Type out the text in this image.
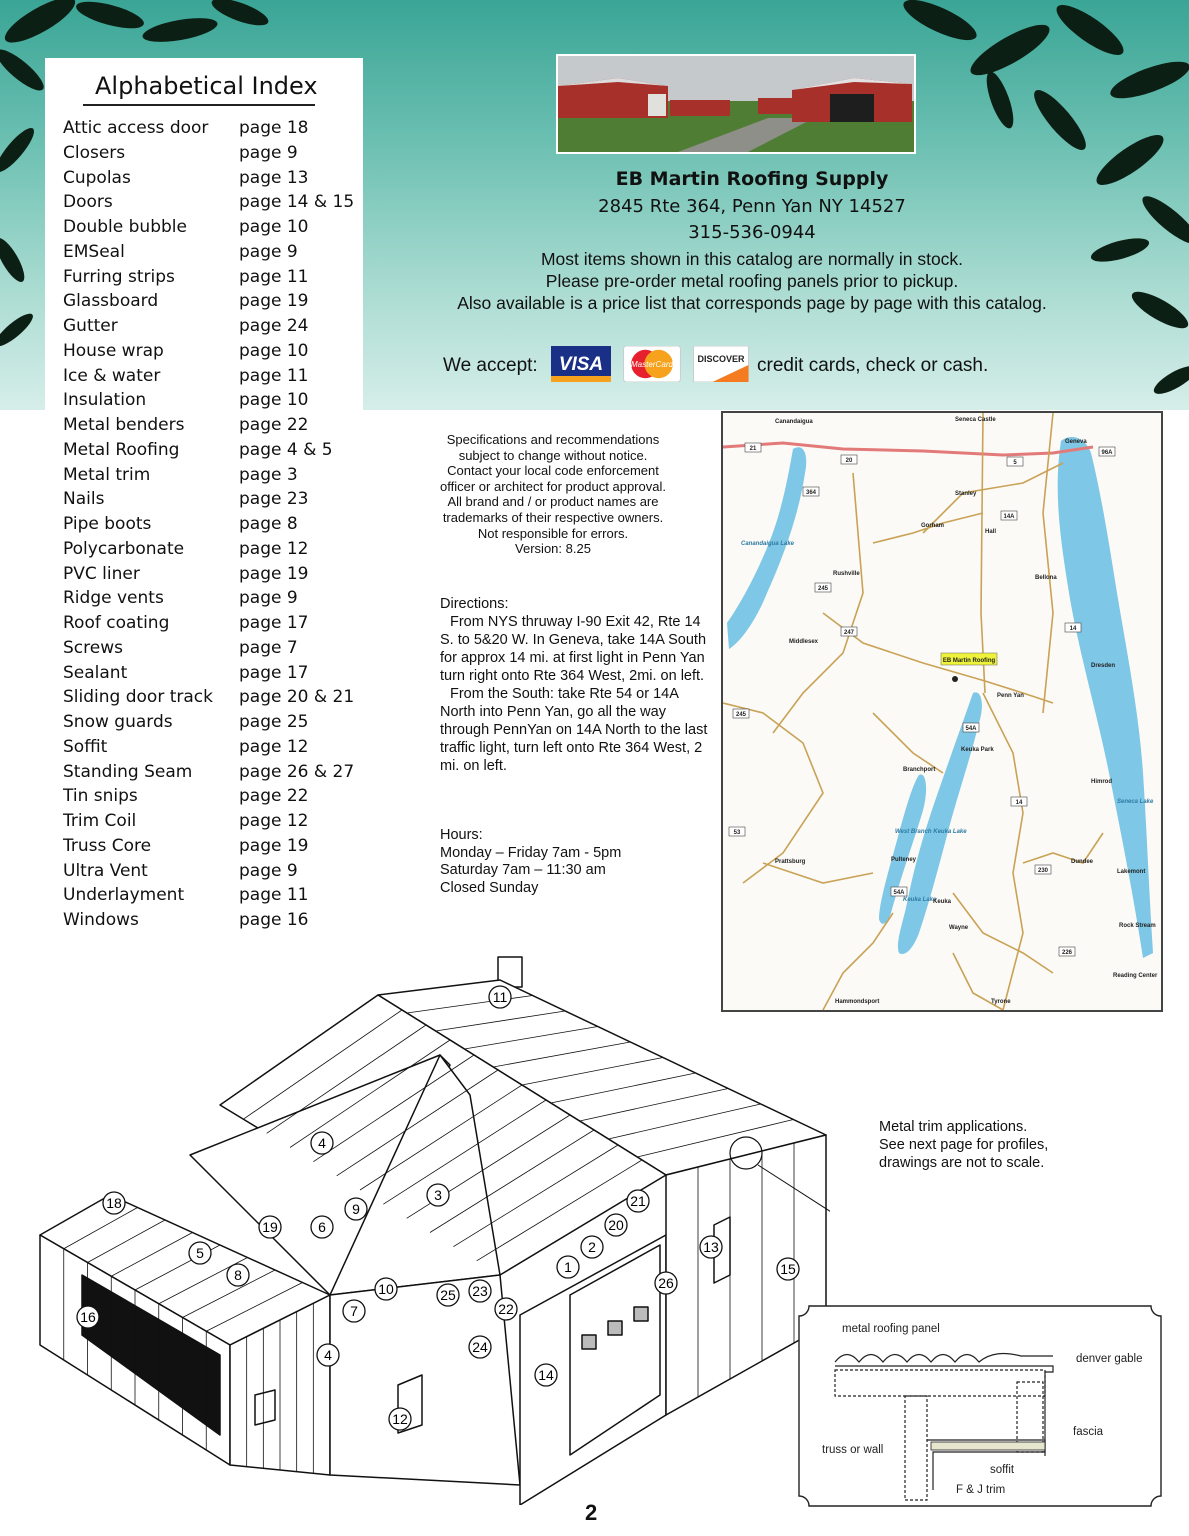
Alphabetical Index
Attic access door	page 18
Closers	page 9
Cupolas	page 13
Doors	page 14 & 15
Double bubble	page 10
EMSeal	page 9
Furring strips	page 11
Glassboard	page 19
Gutter	page 24
House wrap	page 10
Ice & water	page 11
Insulation	page 10
Metal benders	page 22
Metal Roofing	page 4 & 5
Metal trim	page 3
Nails	page 23
Pipe boots	page 8
Polycarbonate	page 12
PVC liner	page 19
Ridge vents	page 9
Roof coating	page 17
Screws	page 7
Sealant	page 17
Sliding door track	page 20 & 21
Snow guards	page 25
Soffit	page 12
Standing Seam	page 26 & 27
Tin snips	page 22
Trim Coil	page 12
Truss Core	page 19
Ultra Vent	page 9
Underlayment	page 11
Windows	page 16
EB Martin Roofing Supply
2845 Rte 364, Penn Yan NY 14527
315-536-0944
Most items shown in this catalog are normally in stock.
Please pre-order metal roofing panels prior to pickup.
Also available is a price list that corresponds page by page with this catalog.
We accept: VISA	MasterCard
DISCOVER credit cards, check or cash.
Specifications and recommendations
subject to change without notice.
Contact your local code enforcement
officer or architect for product approval.
All brand and / or product names are
trademarks of their respective owners.
Not responsible for errors.
Version: 8.25
Directions:
From NYS thruway I-90 Exit 42, Rte 14 S. to 5&20 W. In Geneva, take 14A South for approx 14 mi. at first light in Penn Yan turn right onto Rte 364 West, 2mi. on left.
From the South: take Rte 54 or 14A North into Penn Yan, go all the way through PennYan on 14A North to the last traffic light, turn left onto Rte 364 West, 2 mi. on left.
Hours:
Monday – Friday 7am - 5pm
Saturday 7am – 11:30 am
Closed Sunday
EB Martin Roofing
Canandaigua	Seneca Castle
Geneva
Stanley
Gorham
Hall
Canandaigua Lake
Rushville
Bellona
Middlesex
Dresden
Penn Yan
Keuka Park
Branchport
Himrod
Seneca Lake
West Branch Keuka Lake
Prattsburg	Pulteney	Dundee
Lakemont
Keuka Lake
Keuka
Wayne	Rock Stream
Reading Center
Hammondsport	Tyrone
21
20	5
364
245
247
245
14A
14
54A
14
53
54A
230
226
96A
1
2
3
4
5
6
7
8
9
10
11
12
13
14
15
16
18
19	20
21
22
23
24
25
26
4
Metal trim applications.
See next page for profiles,
drawings are not to scale.
metal roofing panel
denver gable
fascia
truss or wall
soffit
F & J trim
2
